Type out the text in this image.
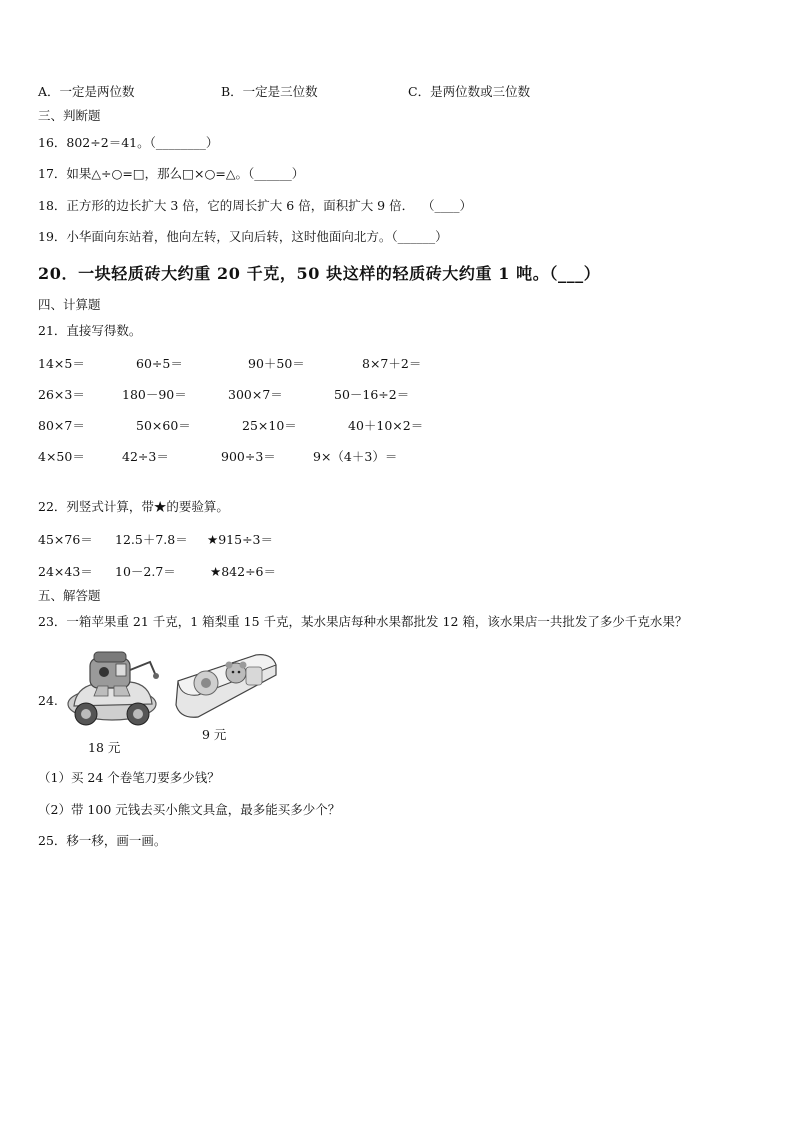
A．一定是两位数	B．一定是三位数	C．是两位数或三位数
三、判断题
16．802÷2＝41。（________）
17．如果△÷○=□，那么□×○=△。（______）
18．正方形的边长扩大 3 倍，它的周长扩大 6 倍，面积扩大 9 倍．  （____）
19．小华面向东站着，他向左转，又向后转，这时他面向北方。（______）
20．一块轻质砖大约重 20 千克，50 块这样的轻质砖大约重 1 吨。（___）
四、计算题
21．直接写得数。
14×5＝	60÷5＝	90＋50＝	8×7＋2＝
26×3＝	180－90＝	300×7＝	50－16÷2＝
80×7＝	50×60＝	25×10＝	40＋10×2＝
4×50＝	42÷3＝	900÷3＝	9×（4＋3）＝
22．列竖式计算，带★的要验算。
45×76＝ 12.5＋7.8＝ ★915÷3＝
24×43＝ 10－2.7＝	★842÷6＝
五、解答题
23．一箱苹果重 21 千克，1 箱梨重 15 千克，某水果店每种水果都批发 12 箱，该水果店一共批发了多少千克水果？
24.
18 元
9 元
（1）买 24 个卷笔刀要多少钱？
（2）带 100 元钱去买小熊文具盒，最多能买多少个？
25．移一移，画一画。
